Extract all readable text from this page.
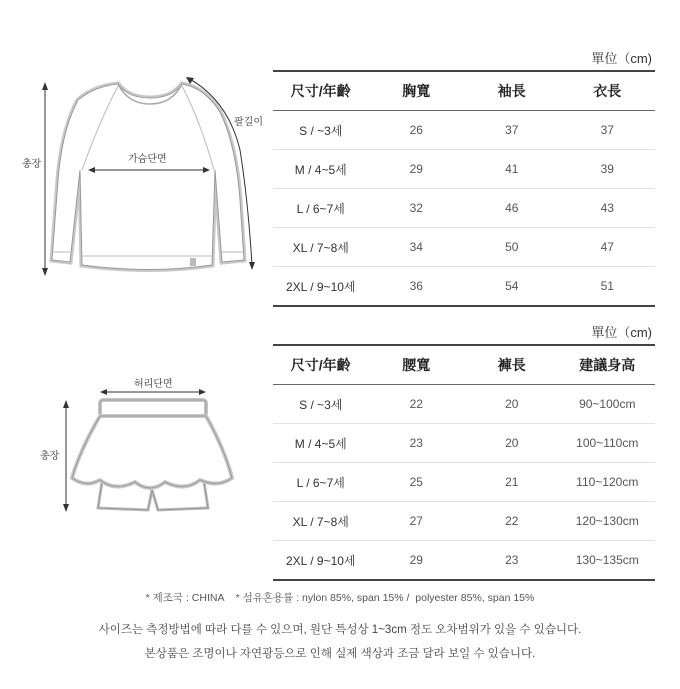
가슴단면
팔길이
총장
單位（cm)
尺寸/年齡	胸寬	袖長	衣長
S / ~3세	26	37	37
M / 4~5세	29	41	39
L / 6~7세	32	46	43
XL / 7~8세	34	50	47
2XL / 9~10세	36	54	51
허리단면
총장
單位（cm)
尺寸/年齡	腰寬	褲長	建議身高
S / ~3세	22	20	90~100cm
M / 4~5세	23	20	100~110cm
L / 6~7세	25	21	110~120cm
XL / 7~8세	27	22	120~130cm
2XL / 9~10세	29	23	130~135cm
* 제조국 : CHINA    * 섬유혼용률 : nylon 85%, span 15% /  polyester 85%, span 15%
사이즈는 측정방법에 따라 다를 수 있으며, 원단 특성상 1~3cm 정도 오차범위가 있을 수 있습니다.
본상품은 조명이나 자연광등으로 인해 실제 색상과 조금 달라 보일 수 있습니다.
